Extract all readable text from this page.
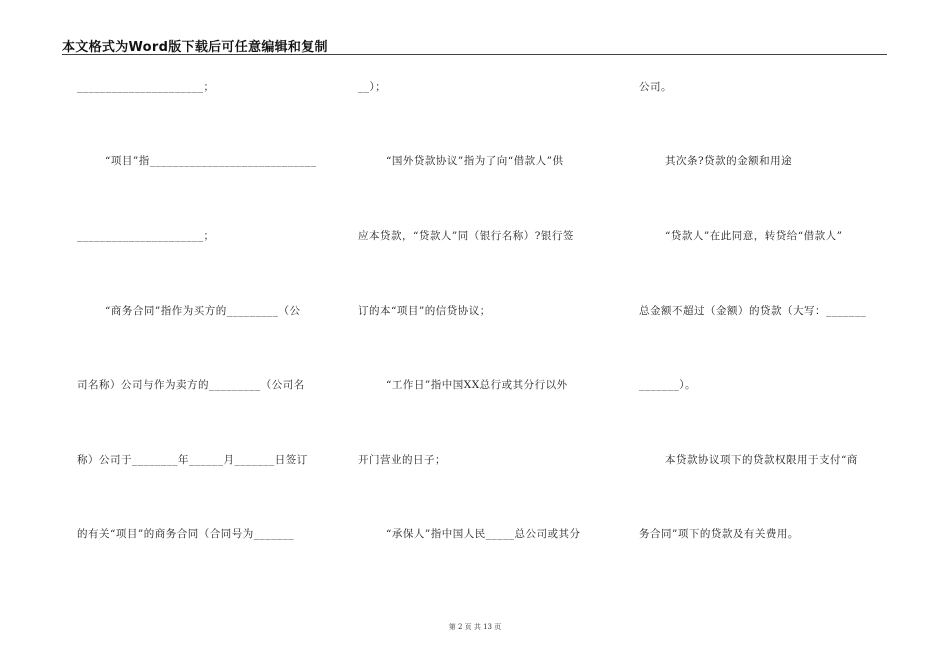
本文格式为Word版下载后可任意编辑和复制
______________________；
“项目”指_____________________________
______________________；
“商务合同”指作为买方的_________（公
司名称）公司与作为卖方的_________（公司名
称）公司于________年______月_______日签订
的有关“项目”的商务合同（合同号为_______
__）；
“国外贷款协议”指为了向“借款人”供
应本贷款，“贷款人”同（银行名称）?银行签
订的本“项目”的信贷协议；
“工作日”指中国XX总行或其分行以外
开门营业的日子；
“承保人”指中国人民_____总公司或其分
公司。
其次条?贷款的金额和用途
“贷款人”在此同意，转贷给“借款人”
总金额不超过（金额）的贷款（大写：_______
_______）。
本贷款协议项下的贷款权限用于支付“商
务合同”项下的贷款及有关费用。
第 2 页 共 13 页
